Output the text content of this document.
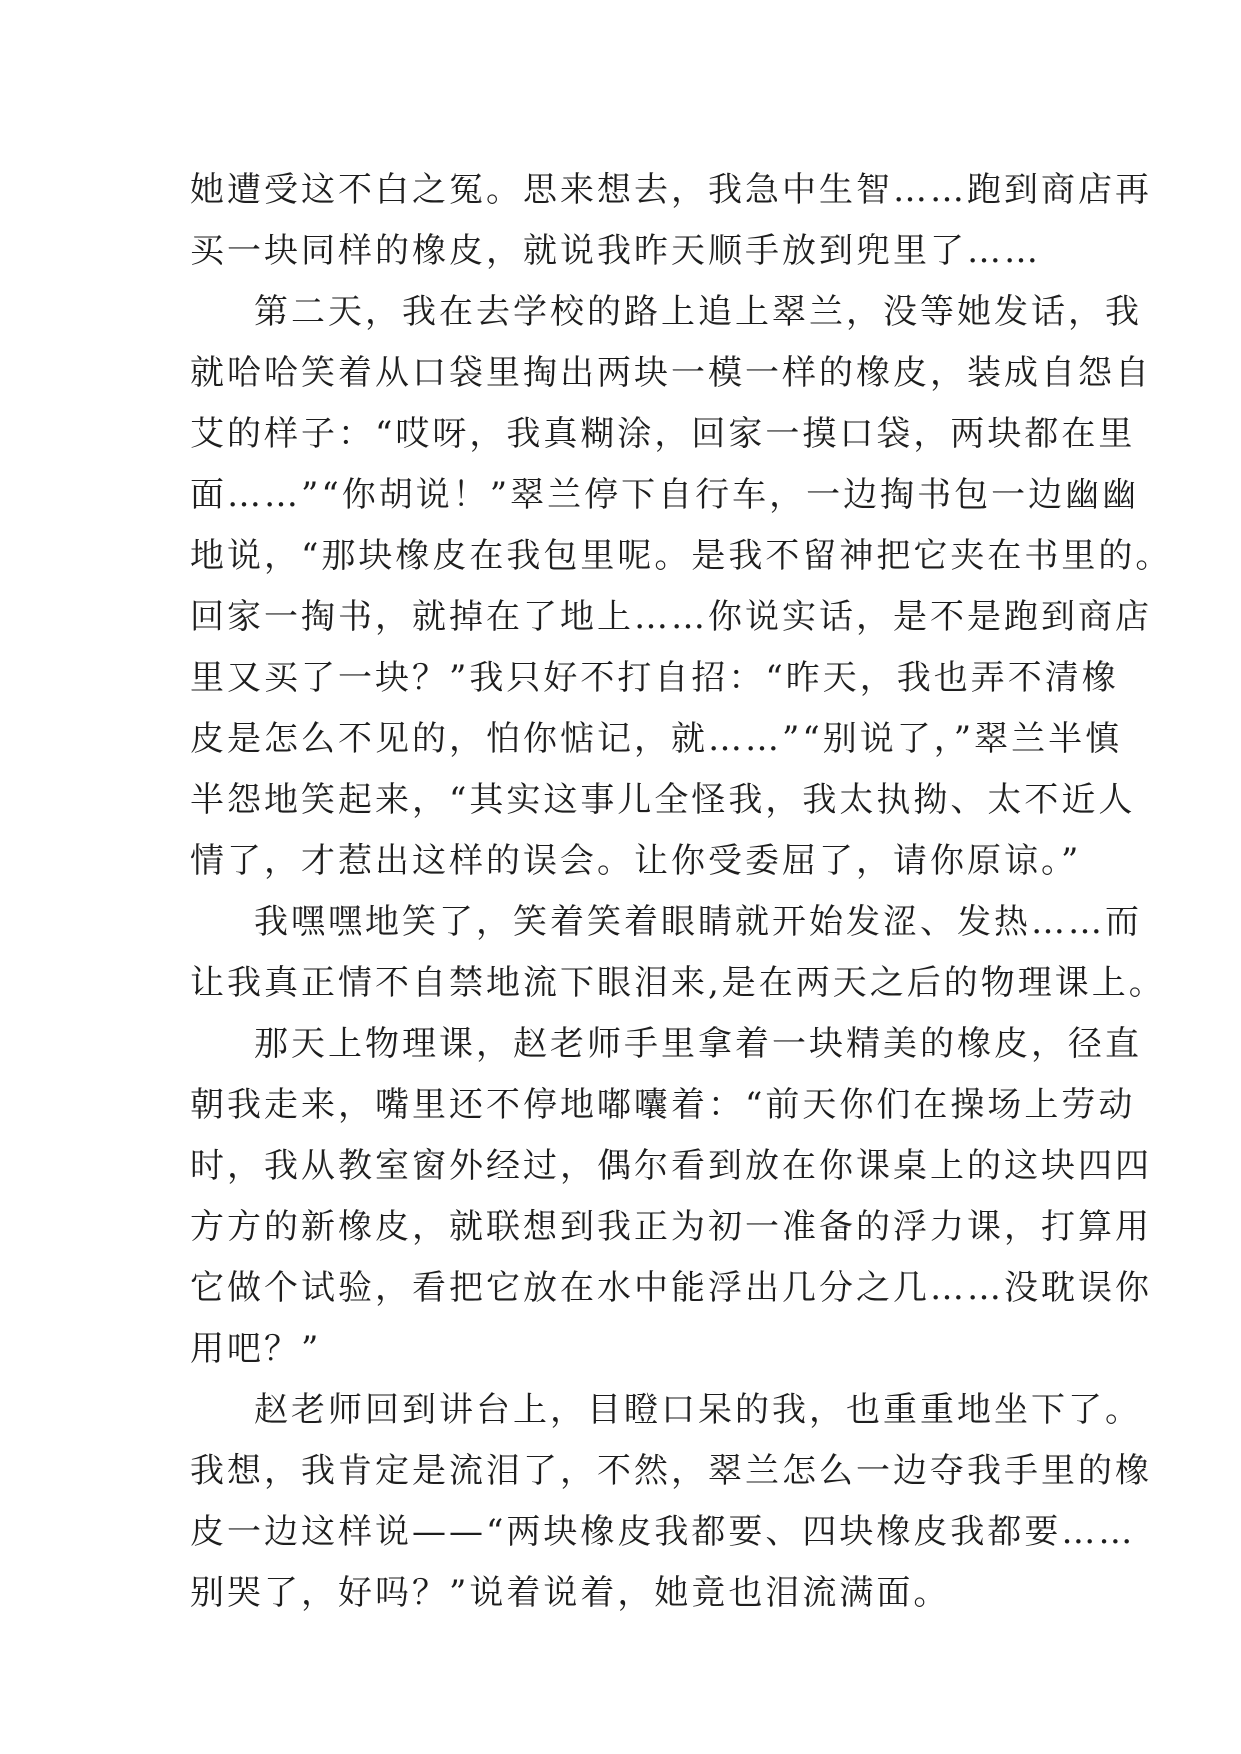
她遭受这不白之冤。思来想去，我急中生智……跑到商店再
买一块同样的橡皮，就说我昨天顺手放到兜里了……
第二天，我在去学校的路上追上翠兰，没等她发话，我
就哈哈笑着从口袋里掏出两块一模一样的橡皮，装成自怨自
艾的样子：“哎呀，我真糊涂，回家一摸口袋，两块都在里
面……”“你胡说！”翠兰停下自行车，一边掏书包一边幽幽
地说，“那块橡皮在我包里呢。是我不留神把它夹在书里的。
回家一掏书，就掉在了地上……你说实话，是不是跑到商店
里又买了一块？”我只好不打自招：“昨天，我也弄不清橡
皮是怎么不见的，怕你惦记，就……”“别说了，”翠兰半慎
半怨地笑起来，“其实这事儿全怪我，我太执拗、太不近人
情了，才惹出这样的误会。让你受委屈了，请你原谅。”
我嘿嘿地笑了，笑着笑着眼睛就开始发涩、发热……而
让我真正情不自禁地流下眼泪来,是在两天之后的物理课上。
那天上物理课，赵老师手里拿着一块精美的橡皮，径直
朝我走来，嘴里还不停地嘟囔着：“前天你们在操场上劳动
时，我从教室窗外经过，偶尔看到放在你课桌上的这块四四
方方的新橡皮，就联想到我正为初一准备的浮力课，打算用
它做个试验，看把它放在水中能浮出几分之几……没耽误你
用吧？”
赵老师回到讲台上，目瞪口呆的我，也重重地坐下了。
我想，我肯定是流泪了，不然，翠兰怎么一边夺我手里的橡
皮一边这样说——“两块橡皮我都要、四块橡皮我都要……
别哭了，好吗？”说着说着，她竟也泪流满面。
